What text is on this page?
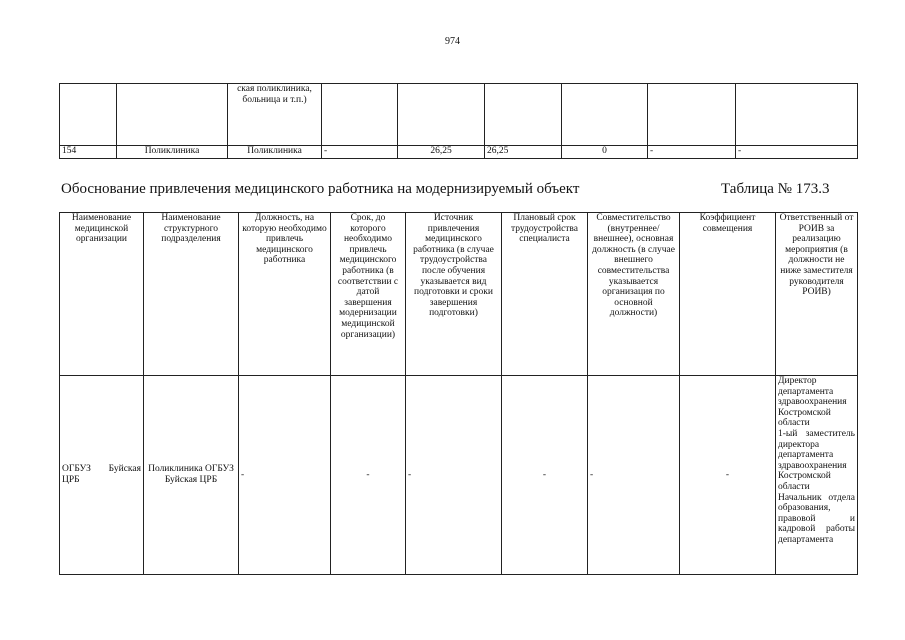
974
		ская поликлиника, больница и т.п.)						
154	Поликлиника	Поликлиника	-	26,25	26,25	0	-	-
Обоснование привлечения медицинского работника на модернизируемый объект	Таблица № 173.3
Наименование медицинской организации	Наименование структурного подразделения	Должность, на которую необходимо привлечь медицинского работника	Срок, до которого необходимо привлечь медицинского работника (в соответствии с датой завершения модернизации медицинской организации)	Источник привлечения медицинского работника (в случае трудоустройства после обучения указывается вид подготовки и сроки завершения подготовки)	Плановый срок трудоустройства специалиста	Совместительство (внутреннее/внешнее), основная должность (в случае внешнего совместительства указывается организация по основной должности)	Коэффициент совмещения	Ответственный от РОИВ за реализацию мероприятия (в должности не ниже заместителя руководителя РОИВ)
ОГБУЗ Буйская ЦРБ	Поликлиника ОГБУЗ Буйская ЦРБ	-	-	-	-	-	-	Директор департамента здравоохранения Костромской области
1-ый заместитель директора департамента здравоохранения Костромской области
Начальник отдела образования, правовой и кадровой работы департамента
